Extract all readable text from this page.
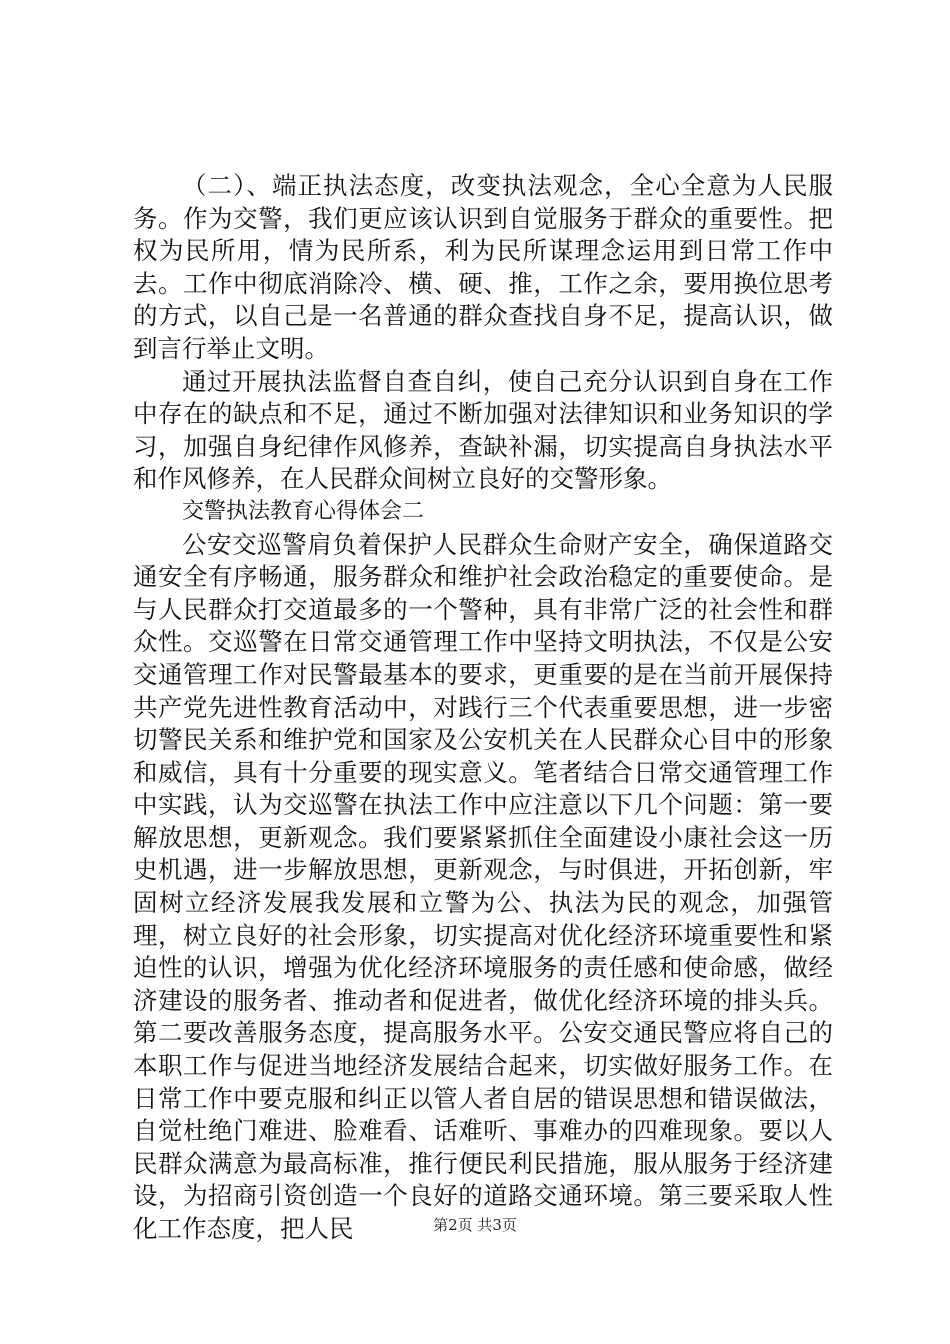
（二）、端正执法态度，改变执法观念，全心全意为人民服务。作为交警，我们更应该认识到自觉服务于群众的重要性。把权为民所用，情为民所系，利为民所谋理念运用到日常工作中去。工作中彻底消除冷、横、硬、推，工作之余，要用换位思考的方式，以自己是一名普通的群众查找自身不足，提高认识，做到言行举止文明。

通过开展执法监督自查自纠，使自己充分认识到自身在工作中存在的缺点和不足，通过不断加强对法律知识和业务知识的学习，加强自身纪律作风修养，查缺补漏，切实提高自身执法水平和作风修养，在人民群众间树立良好的交警形象。

交警执法教育心得体会二

公安交巡警肩负着保护人民群众生命财产安全，确保道路交通安全有序畅通，服务群众和维护社会政治稳定的重要使命。是与人民群众打交道最多的一个警种，具有非常广泛的社会性和群众性。交巡警在日常交通管理工作中坚持文明执法，不仅是公安交通管理工作对民警最基本的要求，更重要的是在当前开展保持共产党先进性教育活动中，对践行三个代表重要思想，进一步密切警民关系和维护党和国家及公安机关在人民群众心目中的形象和威信，具有十分重要的现实意义。笔者结合日常交通管理工作中实践，认为交巡警在执法工作中应注意以下几个问题：第一要解放思想，更新观念。我们要紧紧抓住全面建设小康社会这一历史机遇，进一步解放思想，更新观念，与时俱进，开拓创新，牢固树立经济发展我发展和立警为公、执法为民的观念，加强管理，树立良好的社会形象，切实提高对优化经济环境重要性和紧迫性的认识，增强为优化经济环境服务的责任感和使命感，做经济建设的服务者、推动者和促进者，做优化经济环境的排头兵。第二要改善服务态度，提高服务水平。公安交通民警应将自己的本职工作与促进当地经济发展结合起来，切实做好服务工作。在日常工作中要克服和纠正以管人者自居的错误思想和错误做法，自觉杜绝门难进、脸难看、话难听、事难办的四难现象。要以人民群众满意为最高标准，推行便民利民措施，服从服务于经济建设，为招商引资创造一个良好的道路交通环境。第三要采取人性化工作态度，把人民	第2页 共3页
